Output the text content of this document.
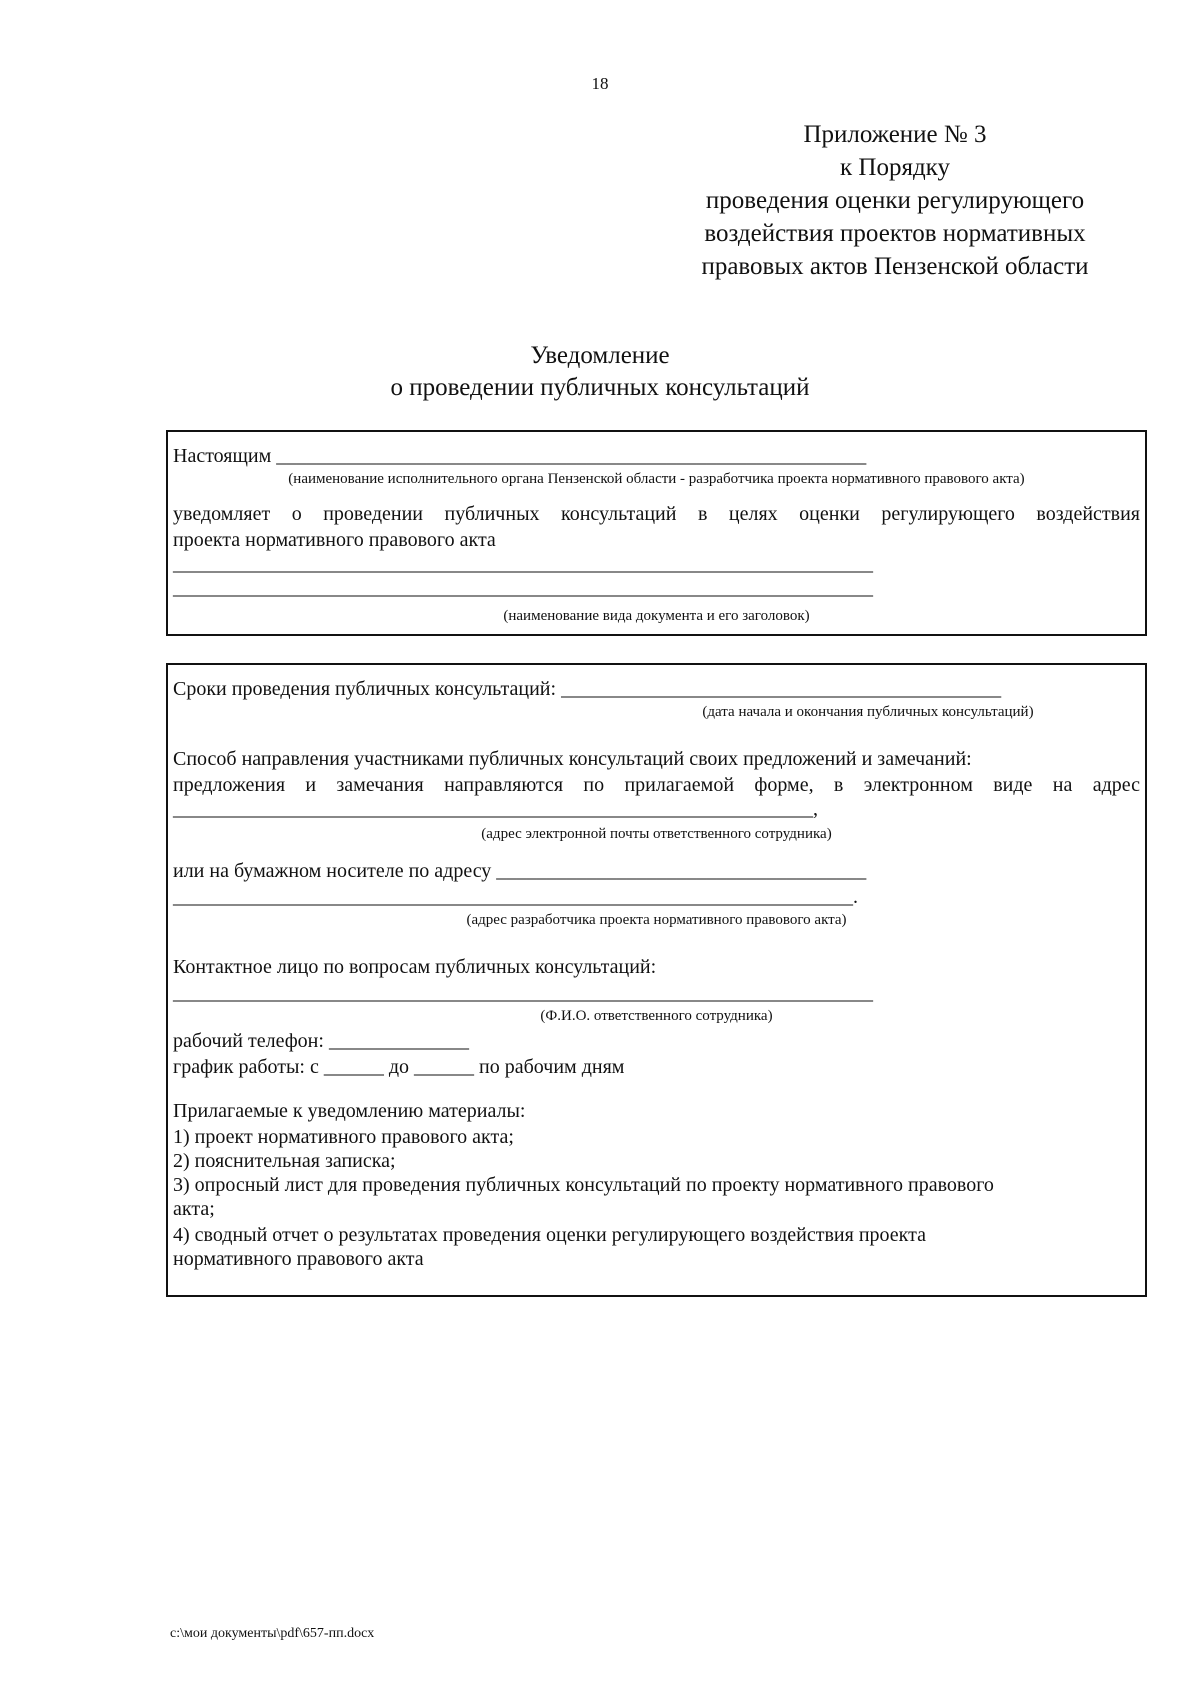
18
Приложение № 3
к Порядку
проведения оценки регулирующего
воздействия проектов нормативных
правовых актов Пензенской области
Уведомление
о проведении публичных консультаций
Настоящим ___________________________________________________________
(наименование исполнительного органа Пензенской области - разработчика проекта нормативного правового акта)
уведомляет о проведении публичных консультаций в целях оценки регулирующего воздействия
проекта нормативного правового акта
______________________________________________________________________
______________________________________________________________________
(наименование вида документа и его заголовок)
Сроки проведения публичных консультаций: ____________________________________________
(дата начала и окончания публичных консультаций)
Способ направления участниками публичных консультаций своих предложений и замечаний:
предложения и замечания направляются по прилагаемой форме, в электронном виде на адрес
________________________________________________________________,
(адрес электронной почты ответственного сотрудника)
или на бумажном носителе по адресу _____________________________________
____________________________________________________________________.
(адрес разработчика проекта нормативного правового акта)
Контактное лицо по вопросам публичных консультаций:
______________________________________________________________________
(Ф.И.О. ответственного сотрудника)
рабочий телефон: ______________
график работы: с ______ до ______ по рабочим дням
Прилагаемые к уведомлению материалы:
1) проект нормативного правового акта;
2) пояснительная записка;
3) опросный лист для проведения публичных консультаций по проекту нормативного правового
акта;
4) сводный отчет о результатах проведения оценки регулирующего воздействия проекта
нормативного правового акта
c:\мои документы\pdf\657-пп.docx
